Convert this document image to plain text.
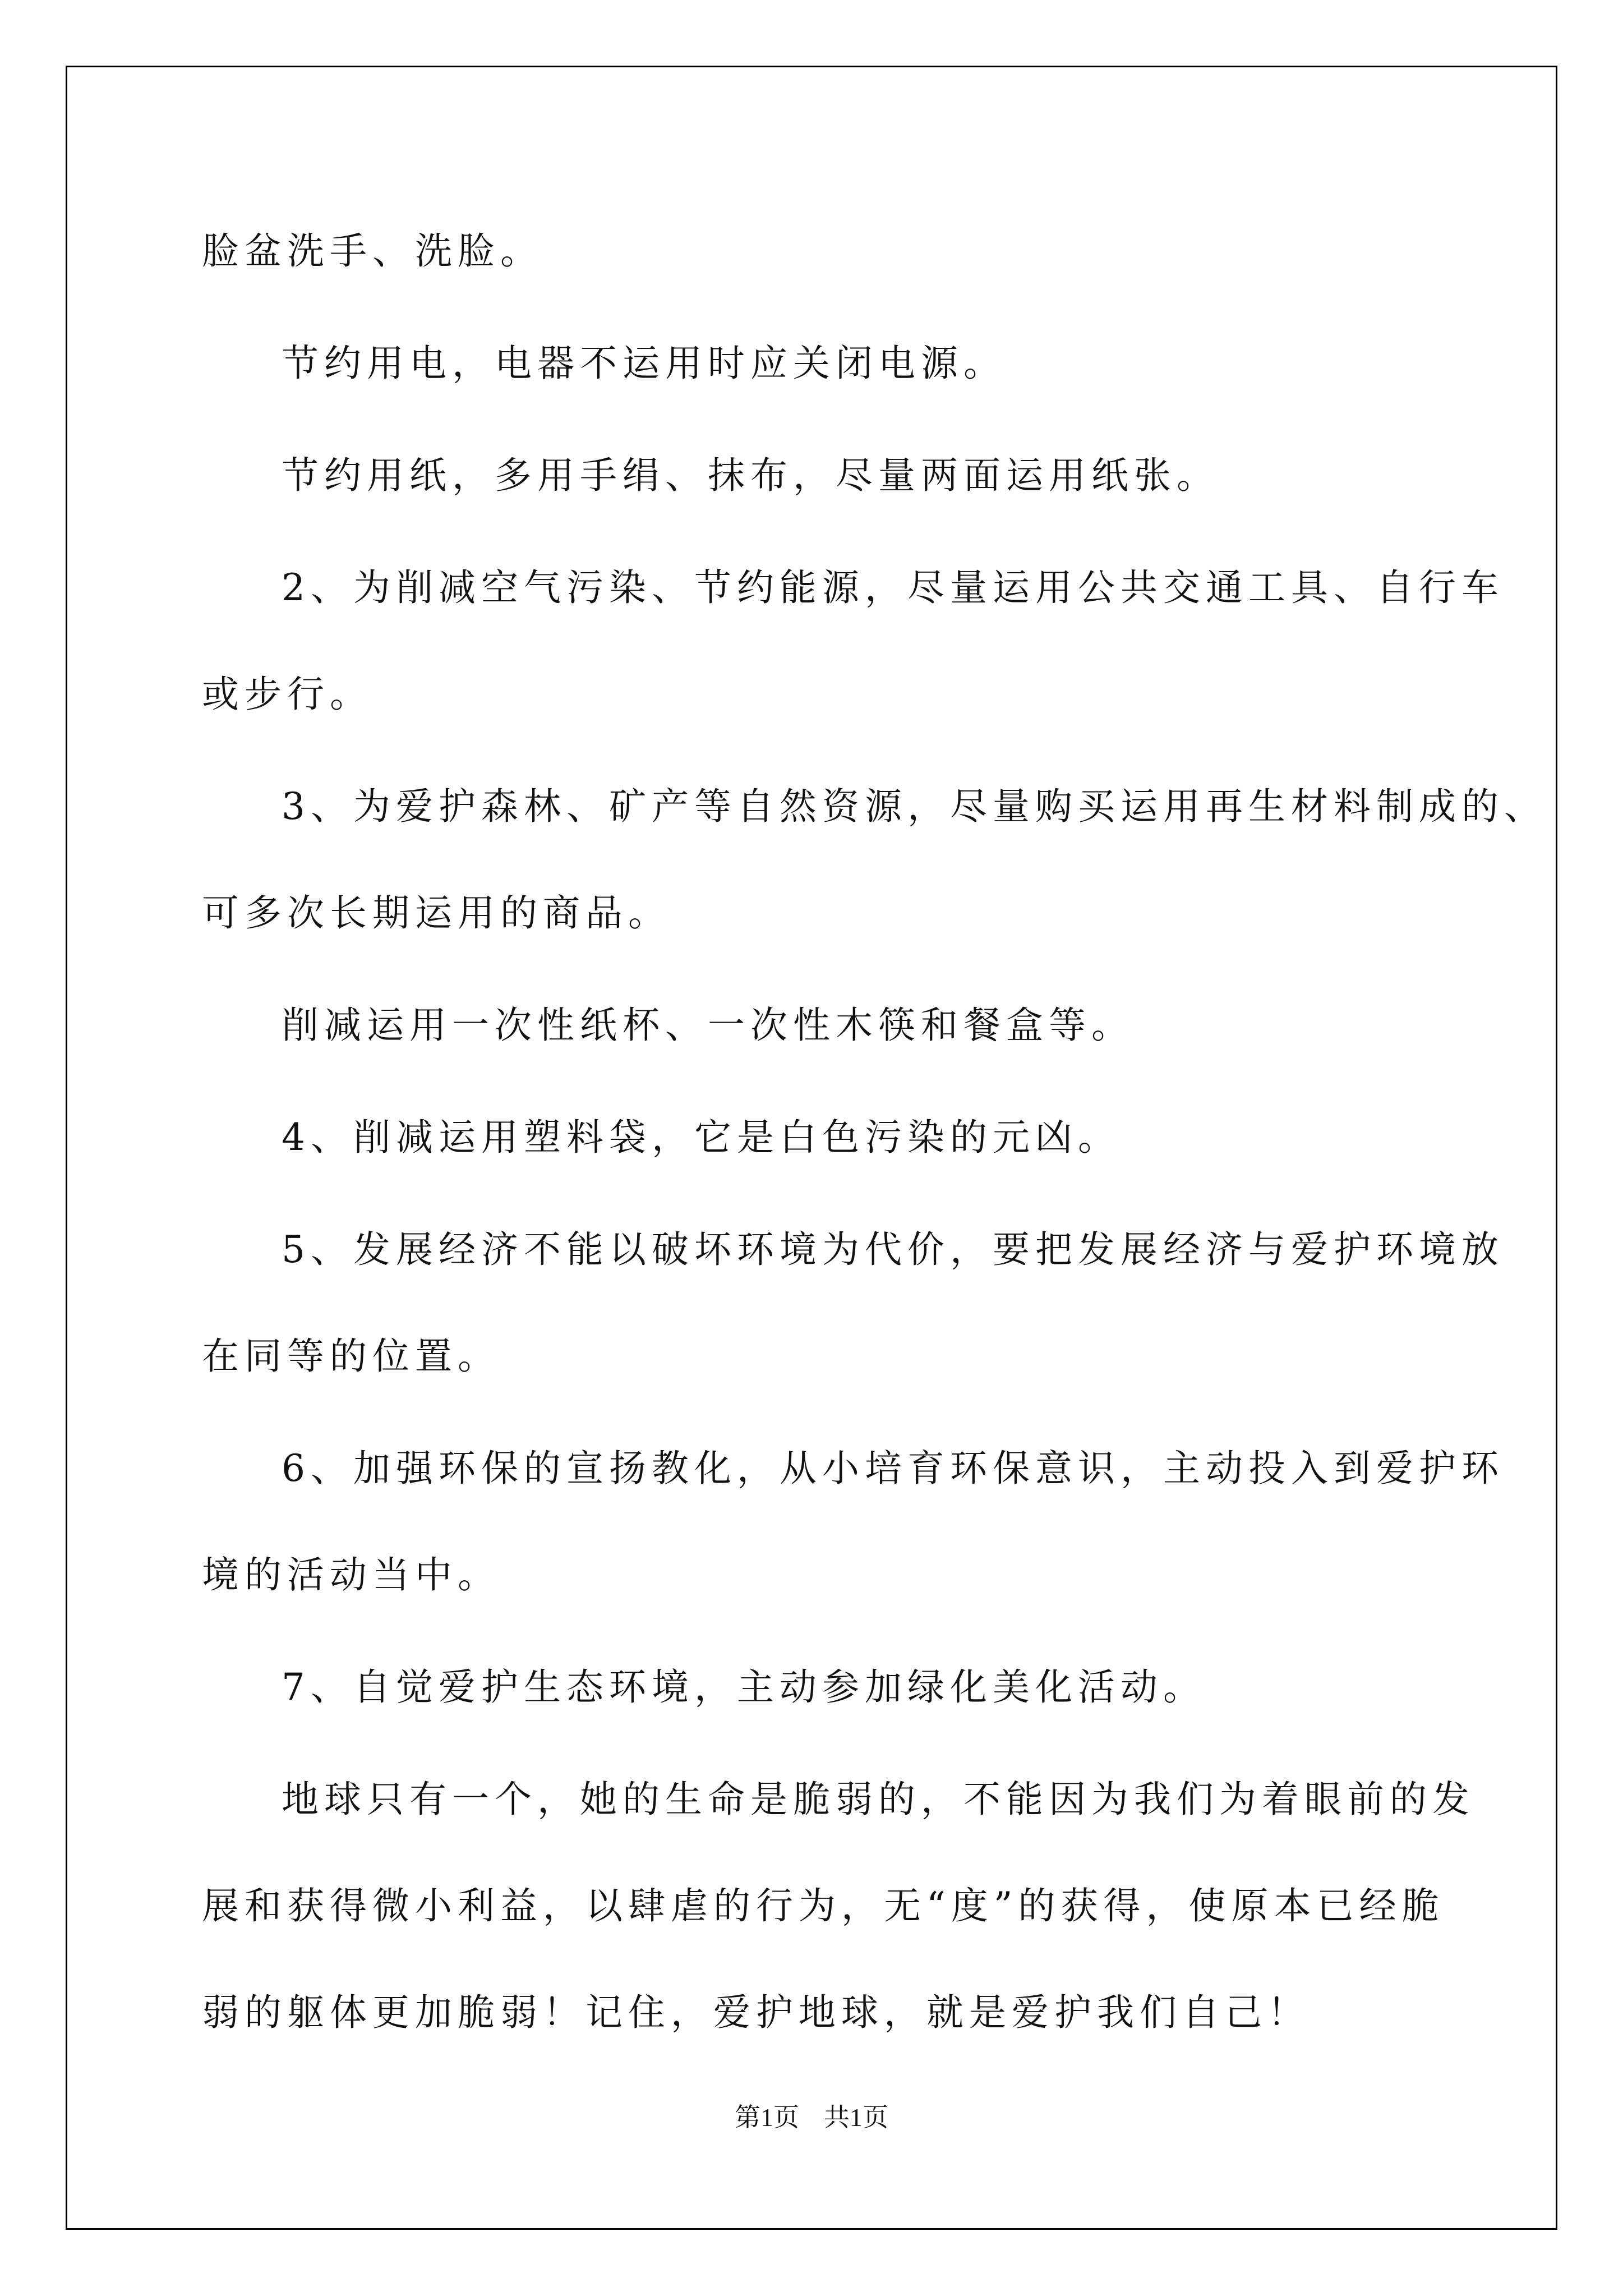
脸盆洗手、洗脸。
节约用电，电器不运用时应关闭电源。
节约用纸，多用手绢、抹布，尽量两面运用纸张。
2、为削减空气污染、节约能源，尽量运用公共交通工具、自行车
或步行。
3、为爱护森林、矿产等自然资源，尽量购买运用再生材料制成的、
可多次长期运用的商品。
削减运用一次性纸杯、一次性木筷和餐盒等。
4、削减运用塑料袋，它是白色污染的元凶。
5、发展经济不能以破坏环境为代价，要把发展经济与爱护环境放
在同等的位置。
6、加强环保的宣扬教化，从小培育环保意识，主动投入到爱护环
境的活动当中。
7、自觉爱护生态环境，主动参加绿化美化活动。
地球只有一个，她的生命是脆弱的，不能因为我们为着眼前的发
展和获得微小利益，以肆虐的行为，无“度”的获得，使原本已经脆
弱的躯体更加脆弱！记住，爱护地球，就是爱护我们自己！
第1页 共1页
